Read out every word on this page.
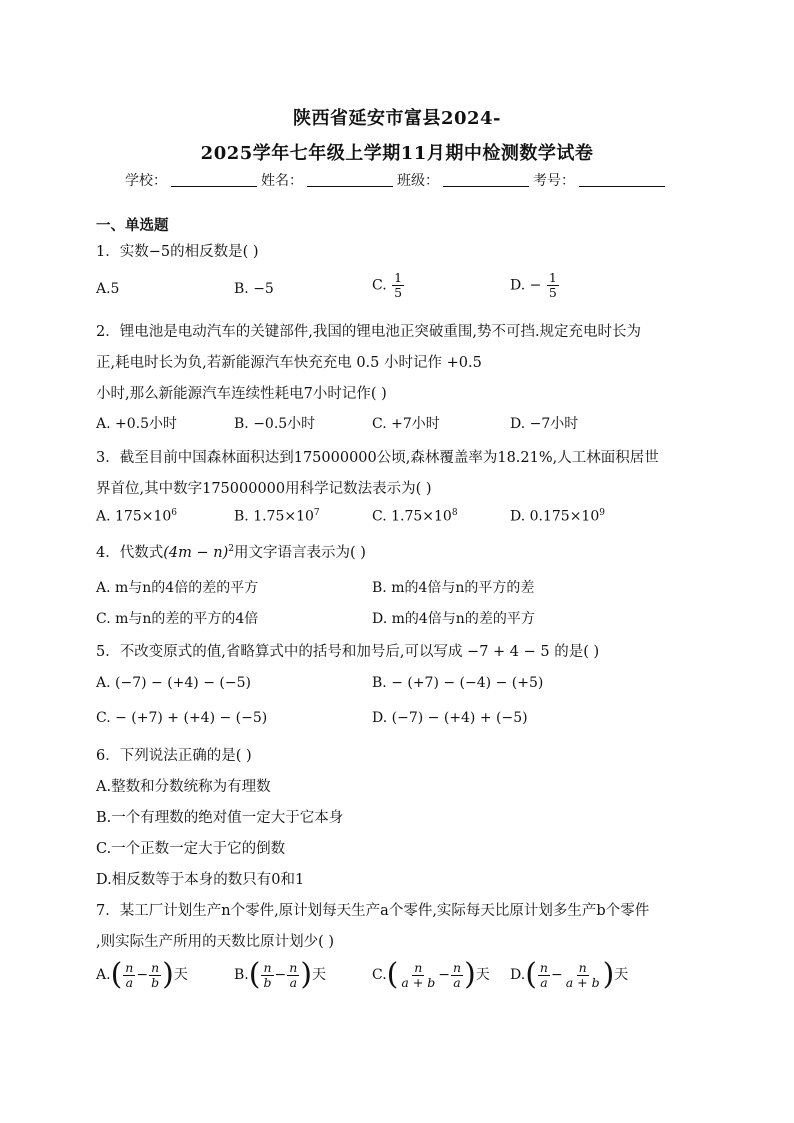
陕西省延安市富县2024-
2025学年七年级上学期11月期中检测数学试卷
学校：	姓名：	班级：	考号：
一、单选题
1．实数−5的相反数是( )
A.5	B. −5	C. $\frac{1}{5}$	D. − $\frac{1}{5}$
2．锂电池是电动汽车的关键部件,我国的锂电池正突破重围,势不可挡.规定充电时长为
正,耗电时长为负,若新能源汽车快充充电 0.5 小时记作 +0.5
小时,那么新能源汽车连续性耗电7小时记作( )
A. +0.5小时	B. −0.5小时	C. +7小时	D. −7小时
3．截至目前中国森林面积达到175000000公顷,森林覆盖率为18.21%,人工林面积居世
界首位,其中数字175000000用科学记数法表示为( )
A. $175\times 10^6$	B. $1.75\times 10^7$	C. $1.75\times 10^8$	D. $0.175\times 10^9$
4．代数式$(4m - n)^2$用文字语言表示为( )
A. m与n的4倍的差的平方	B. m的4倍与n的平方的差
C. m与n的差的平方的4倍	D. m的4倍与n的差的平方
5．不改变原式的值,省略算式中的括号和加号后,可以写成 −7 + 4 − 5 的是( )
A. (−7) − (+4) − (−5)	B. − (+7) − (−4) − (+5)
C. − (+7) + (+4) − (−5)	D. (−7) − (+4) + (−5)
6．下列说法正确的是( )
A.整数和分数统称为有理数
B.一个有理数的绝对值一定大于它本身
C.一个正数一定大于它的倒数
D.相反数等于本身的数只有0和1
7．某工厂计划生产n个零件,原计划每天生产a个零件,实际每天比原计划多生产b个零件
,则实际生产所用的天数比原计划少( )
$A.( \frac{n}{a} - \frac{n}{b}$ )天	$B.( \frac{n}{b} - \frac{n}{a}$ )天	$C.( \frac{n}{a + b} - \frac{n}{a}$ )天 $D.( \frac{n}{a} - \frac{n}{a + b}$ )天
